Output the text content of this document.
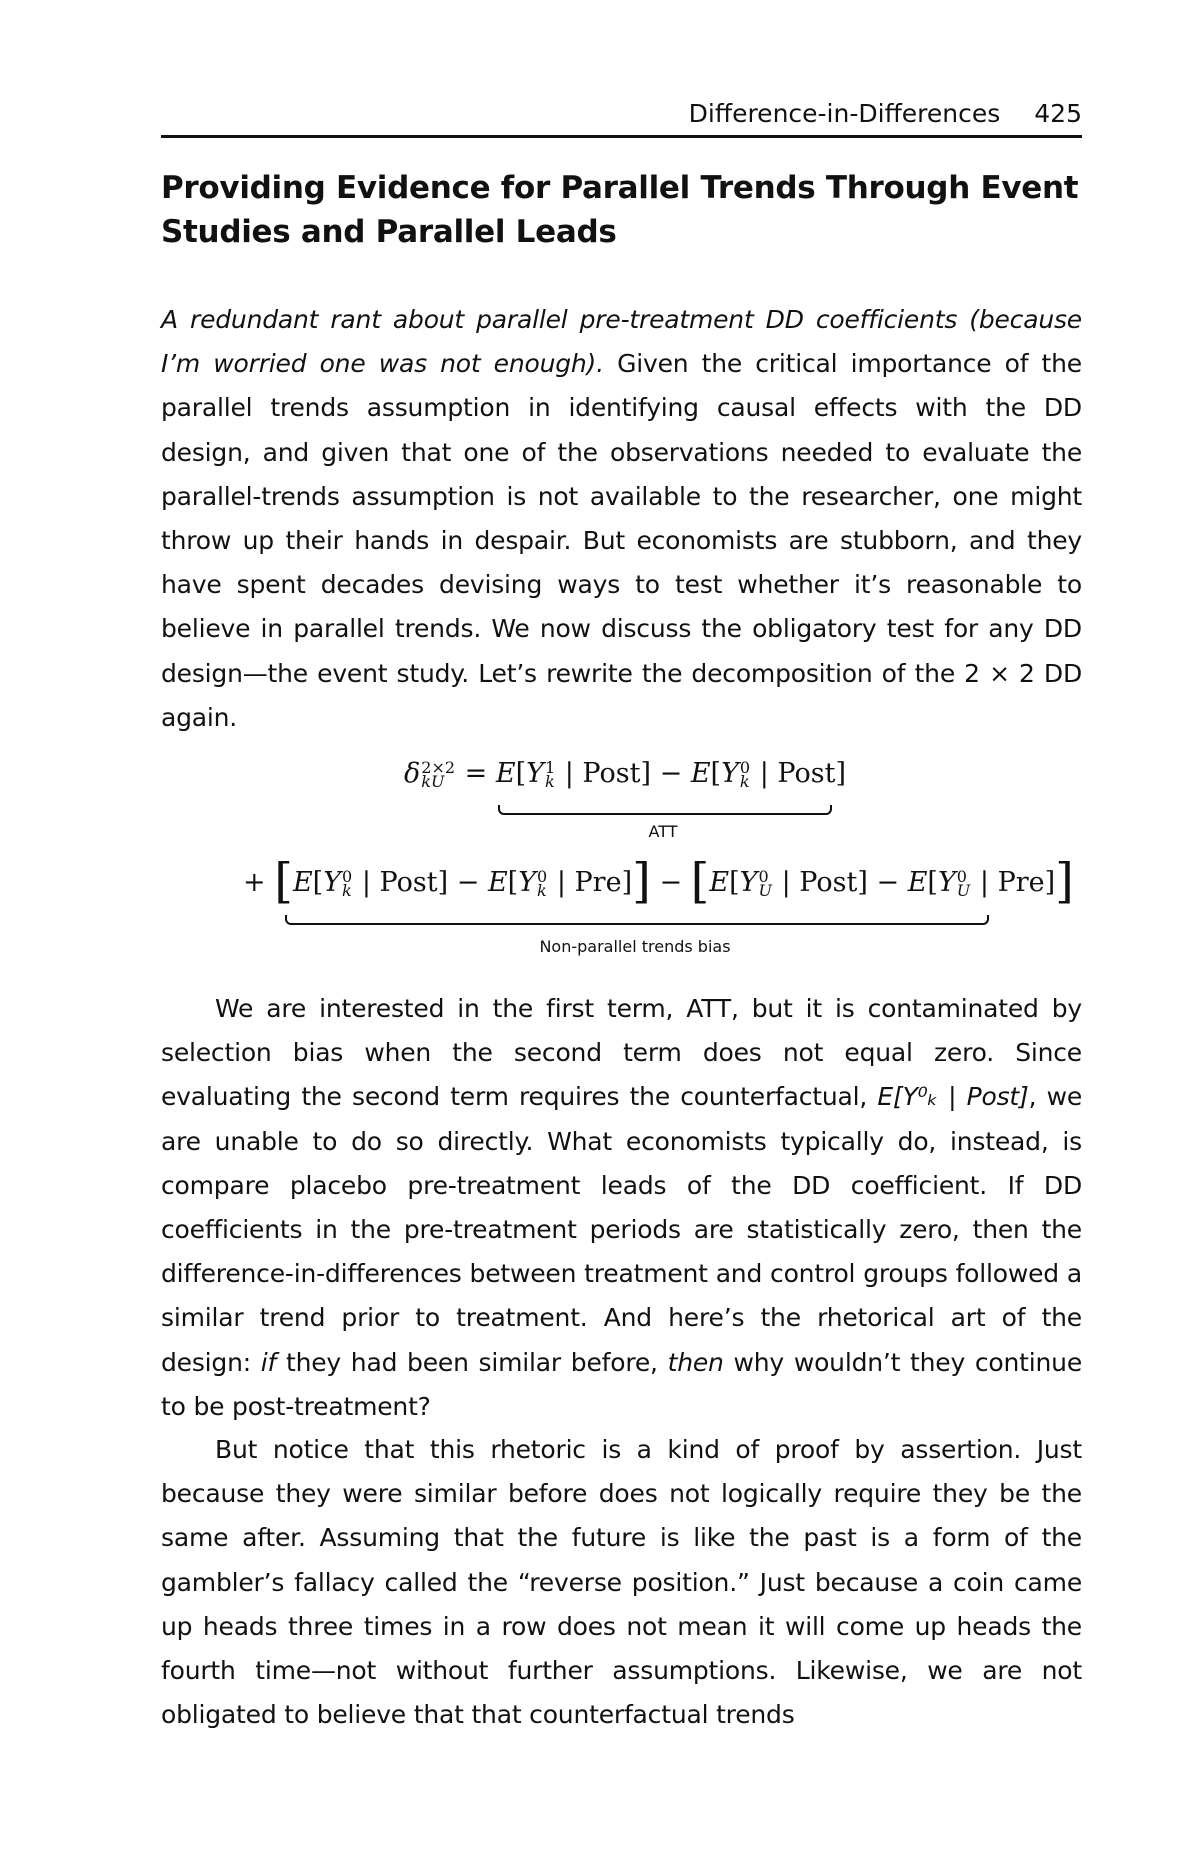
Difference-in-Differences 425
Providing Evidence for Parallel Trends Through Event Studies and Parallel Leads

A redundant rant about parallel pre-treatment DD coefficients (because I’m worried one was not enough). Given the critical importance of the parallel trends assumption in identifying causal effects with the DD design, and given that one of the observations needed to evaluate the parallel-trends assumption is not available to the researcher, one might throw up their hands in despair. But economists are stubborn, and they have spent decades devising ways to test whether it’s reasonable to believe in parallel trends. We now discuss the obligatory test for any DD design—the event study. Let’s rewrite the decomposition of the 2 × 2 DD again.

δ 2×2
kU = E[Y 1
k | Post] − E[Y 0
k | Post]
ATT
+ [E[Y 0
k | Post] − E[Y 0
k | Pre]] − [E[Y 0
U | Post] − E[Y 0
U | Pre]]
Non-parallel trends bias

We are interested in the first term, ATT, but it is contaminated by selection bias when the second term does not equal zero. Since evaluating the second term requires the counterfactual, E[Y⁰ₖ | Post], we are unable to do so directly. What economists typically do, instead, is compare placebo pre-treatment leads of the DD coefficient. If DD coefficients in the pre-treatment periods are statistically zero, then the difference-in-differences between treatment and control groups followed a similar trend prior to treatment. And here’s the rhetorical art of the design: if they had been similar before, then why wouldn’t they continue to be post-treatment?

But notice that this rhetoric is a kind of proof by assertion. Just because they were similar before does not logically require they be the same after. Assuming that the future is like the past is a form of the gambler’s fallacy called the “reverse position.” Just because a coin came up heads three times in a row does not mean it will come up heads the fourth time—not without further assumptions. Likewise, we are not obligated to believe that that counterfactual trends
